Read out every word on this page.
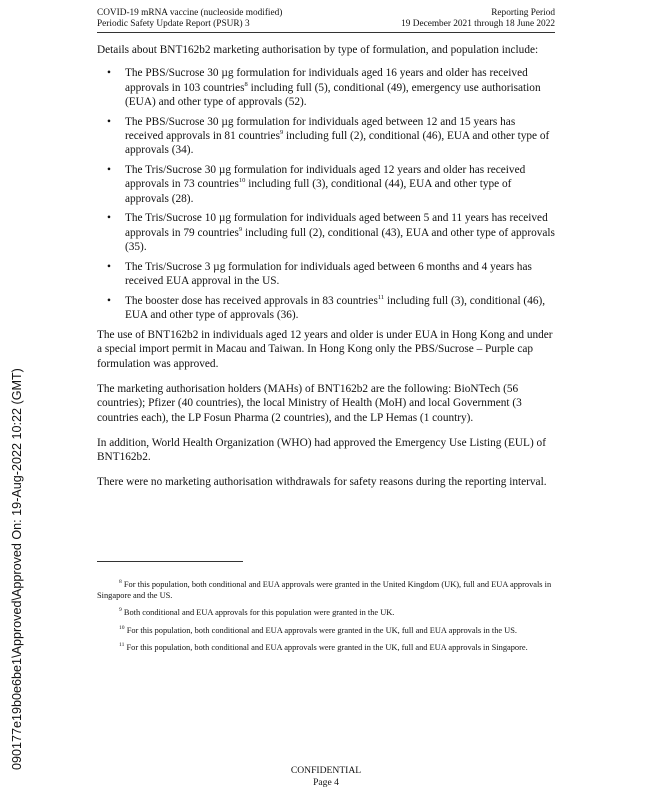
COVID-19 mRNA vaccine (nucleoside modified)	Reporting Period
Periodic Safety Update Report (PSUR) 3	19 December 2021 through 18 June 2022
090177e19b0e6be1\Approved\Approved On: 19-Aug-2022 10:22 (GMT)

Details about BNT162b2 marketing authorisation by type of formulation, and population include:

• The PBS/Sucrose 30 µg formulation for individuals aged 16 years and older has received approvals in 103 countries$^8$ including full (5), conditional (49), emergency use authorisation (EUA) and other type of approvals (52).
• The PBS/Sucrose 30 µg formulation for individuals aged between 12 and 15 years has received approvals in 81 countries$^9$ including full (2), conditional (46), EUA and other type of approvals (34).
• The Tris/Sucrose 30 µg formulation for individuals aged 12 years and older has received approvals in 73 countries$^{10}$ including full (3), conditional (44), EUA and other type of approvals (28).
• The Tris/Sucrose 10 µg formulation for individuals aged between 5 and 11 years has received approvals in 79 countries$^9$ including full (2), conditional (43), EUA and other type of approvals (35).
• The Tris/Sucrose 3 µg formulation for individuals aged between 6 months and 4 years has received EUA approval in the US.
• The booster dose has received approvals in 83 countries$^{11}$ including full (3), conditional (46), EUA and other type of approvals (36).

The use of BNT162b2 in individuals aged 12 years and older is under EUA in Hong Kong and under a special import permit in Macau and Taiwan. In Hong Kong only the PBS/Sucrose – Purple cap formulation was approved.

The marketing authorisation holders (MAHs) of BNT162b2 are the following: BioNTech (56 countries); Pfizer (40 countries), the local Ministry of Health (MoH) and local Government (3 countries each), the LP Fosun Pharma (2 countries), and the LP Hemas (1 country).

In addition, World Health Organization (WHO) had approved the Emergency Use Listing (EUL) of BNT162b2.

There were no marketing authorisation withdrawals for safety reasons during the reporting interval.

$^8$ For this population, both conditional and EUA approvals were granted in the United Kingdom (UK), full and EUA approvals in Singapore and the US.

$^9$ Both conditional and EUA approvals for this population were granted in the UK.

$^{10}$ For this population, both conditional and EUA approvals were granted in the UK, full and EUA approvals in the US.

$^{11}$ For this population, both conditional and EUA approvals were granted in the UK, full and EUA approvals in Singapore.

CONFIDENTIAL
Page 4
